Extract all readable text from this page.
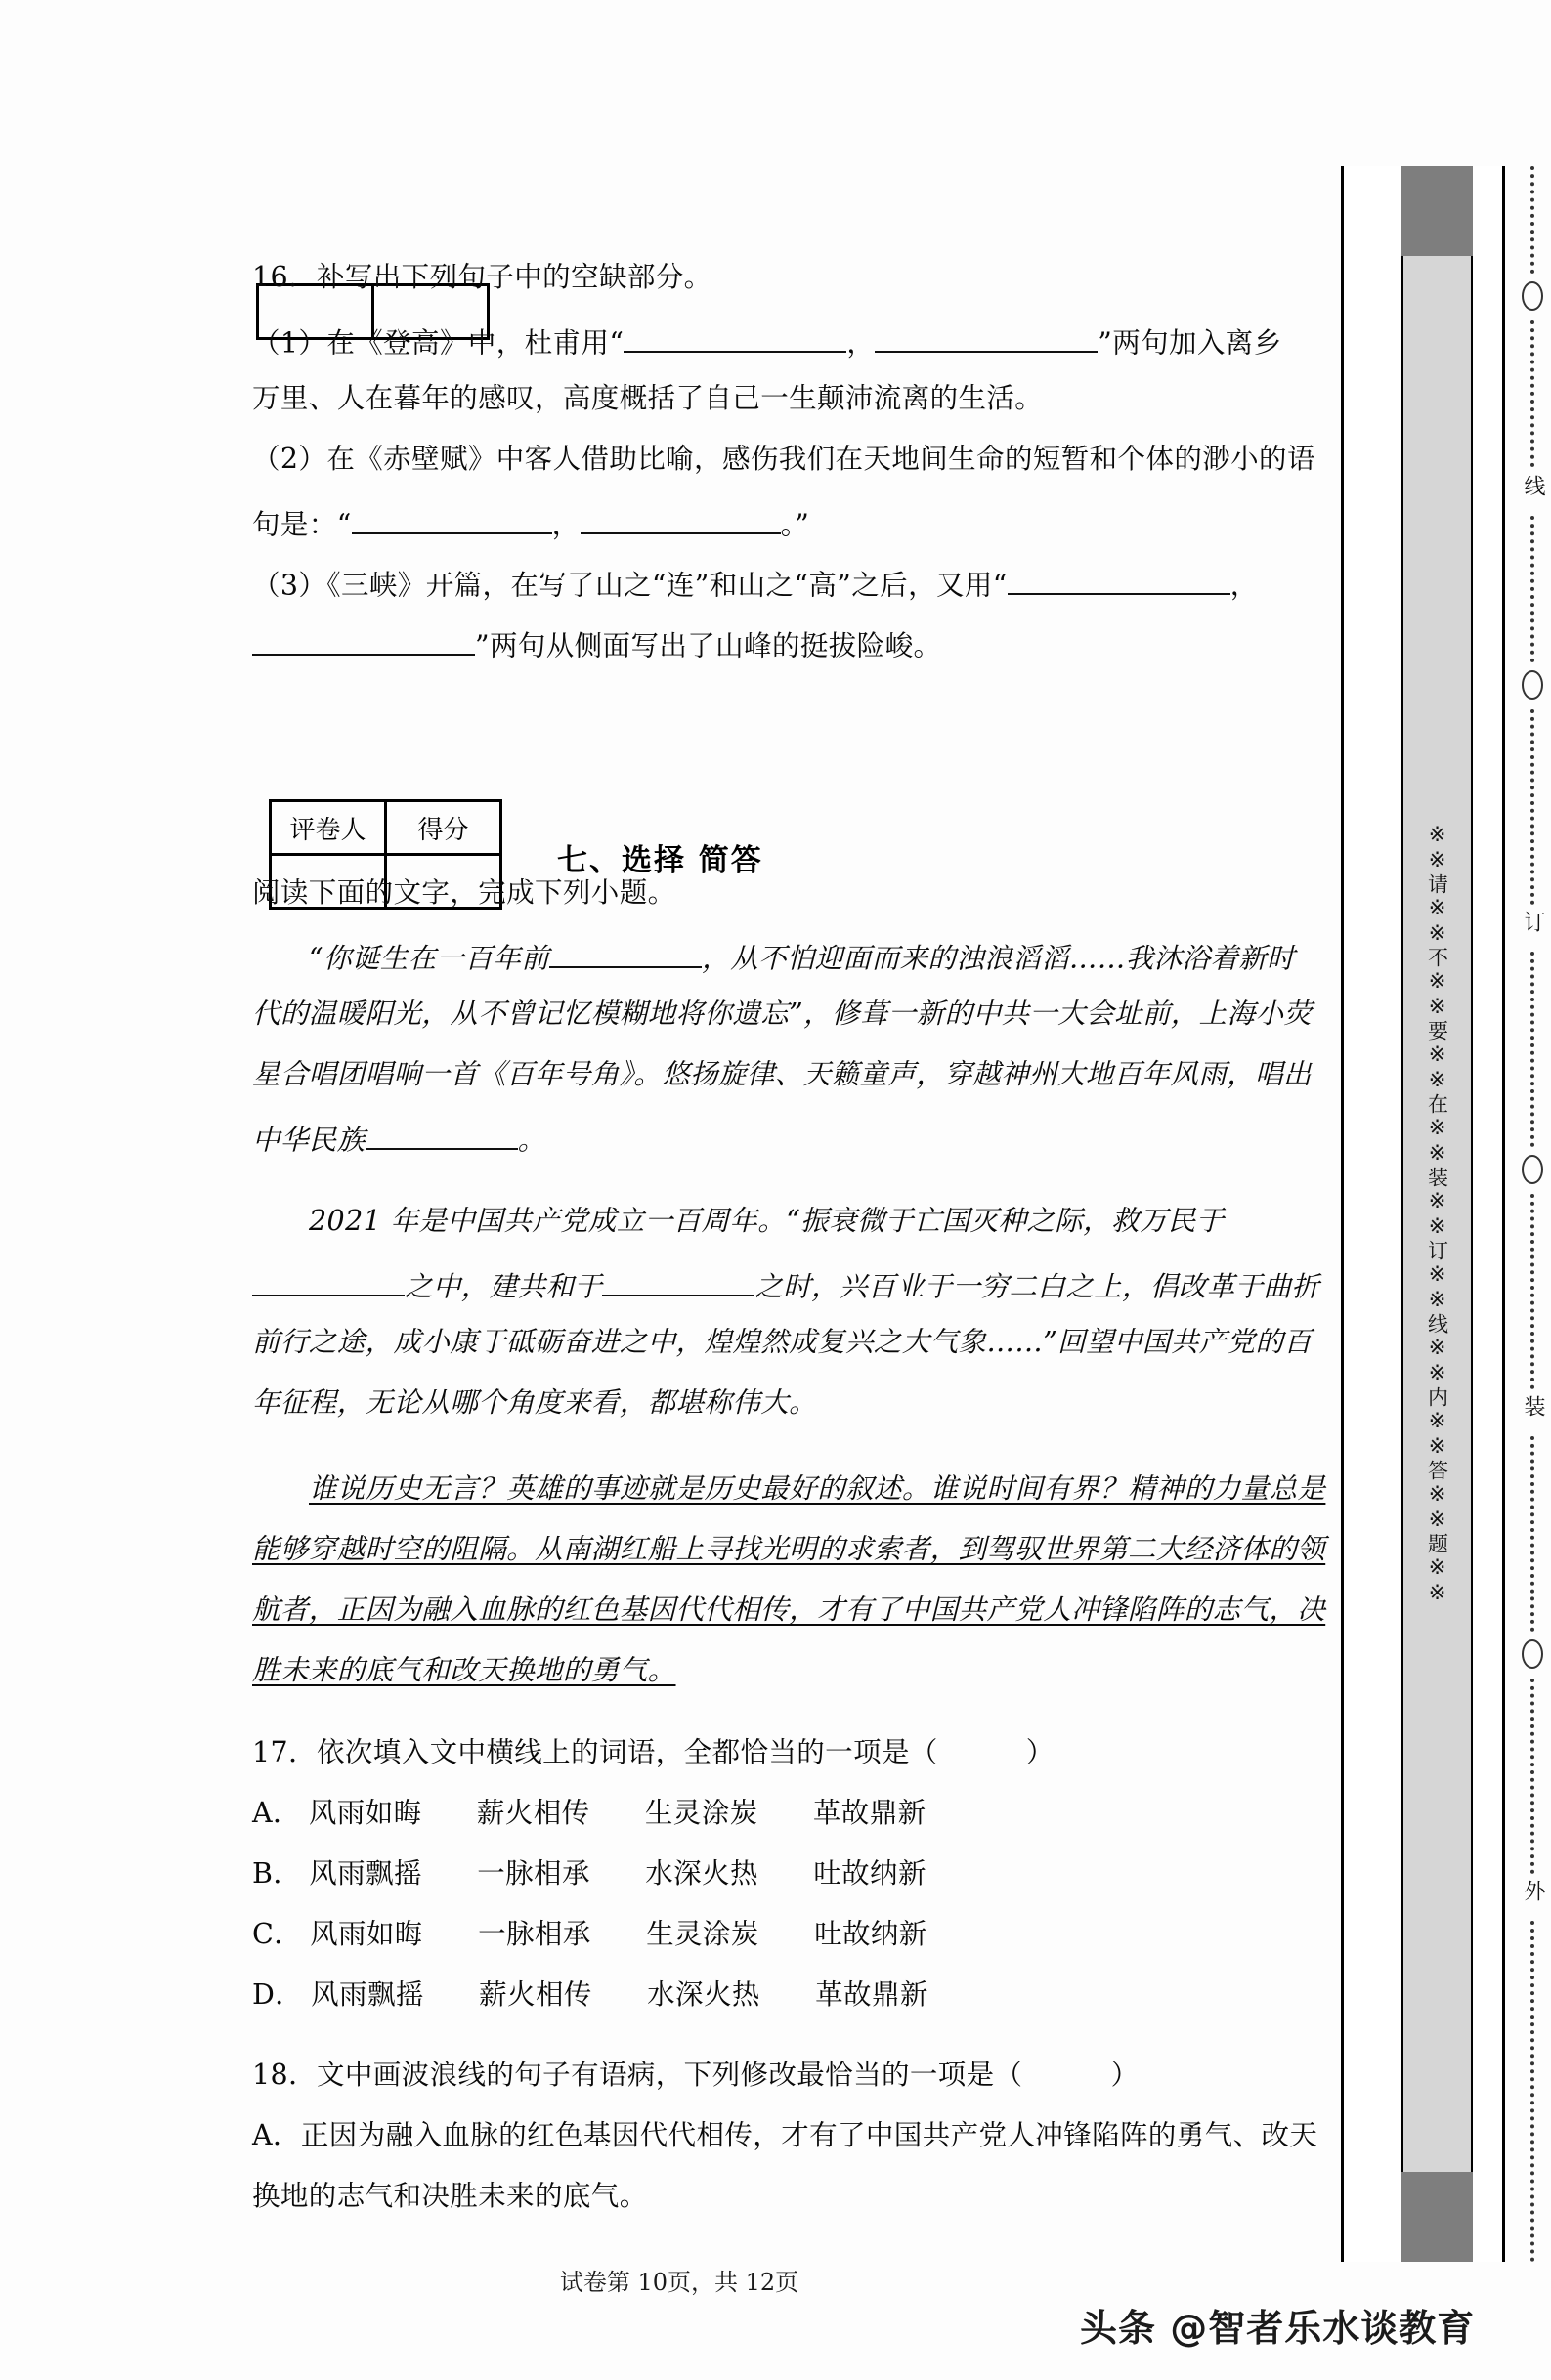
评卷人	得分

七、选择 简答
16．补写出下列句子中的空缺部分。
（1）在《登高》中，杜甫用“	，	”两句加入离乡
万里、人在暮年的感叹，高度概括了自己一生颠沛流离的生活。
（2）在《赤壁赋》中客人借助比喻，感伤我们在天地间生命的短暂和个体的渺小的语
句是：“	，	。”
（3）《三峡》开篇，在写了山之“连”和山之“高”之后，又用“	，
”两句从侧面写出了山峰的挺拔险峻。
阅读下面的文字，完成下列小题。
“你诞生在一百年前	，从不怕迎面而来的浊浪滔滔……我沐浴着新时
代的温暖阳光，从不曾记忆模糊地将你遗忘”，修葺一新的中共一大会址前，上海小荧
星合唱团唱响一首《百年号角》。悠扬旋律、天籁童声，穿越神州大地百年风雨，唱出
中华民族	。
2021 年是中国共产党成立一百周年。“振衰微于亡国灭种之际，救万民于
之中，建共和于	之时，兴百业于一穷二白之上，倡改革于曲折
前行之途，成小康于砥砺奋进之中，煌煌然成复兴之大气象……”回望中国共产党的百
年征程，无论从哪个角度来看，都堪称伟大。
谁说历史无言？英雄的事迹就是历史最好的叙述。谁说时间有界？精神的力量总是
能够穿越时空的阻隔。从南湖红船上寻找光明的求索者，到驾驭世界第二大经济体的领
航者，正因为融入血脉的红色基因代代相传，才有了中国共产党人冲锋陷阵的志气，决
胜未来的底气和改天换地的勇气。
17．依次填入文中横线上的词语，全都恰当的一项是（	）
A． 风雨如晦 薪火相传 生灵涂炭 革故鼎新
B． 风雨飘摇 一脉相承 水深火热 吐故纳新
C． 风雨如晦 一脉相承 生灵涂炭 吐故纳新
D． 风雨飘摇 薪火相传 水深火热 革故鼎新
18．文中画波浪线的句子有语病，下列修改最恰当的一项是（	）
A．正因为融入血脉的红色基因代代相传，才有了中国共产党人冲锋陷阵的勇气、改天
换地的志气和决胜未来的底气。
试卷第 10页，共 12页
※※请※※不※※要※※在※※装※※订※※线※※内※※答※※题※※
线
订
装
外
头条 @智者乐水谈教育
